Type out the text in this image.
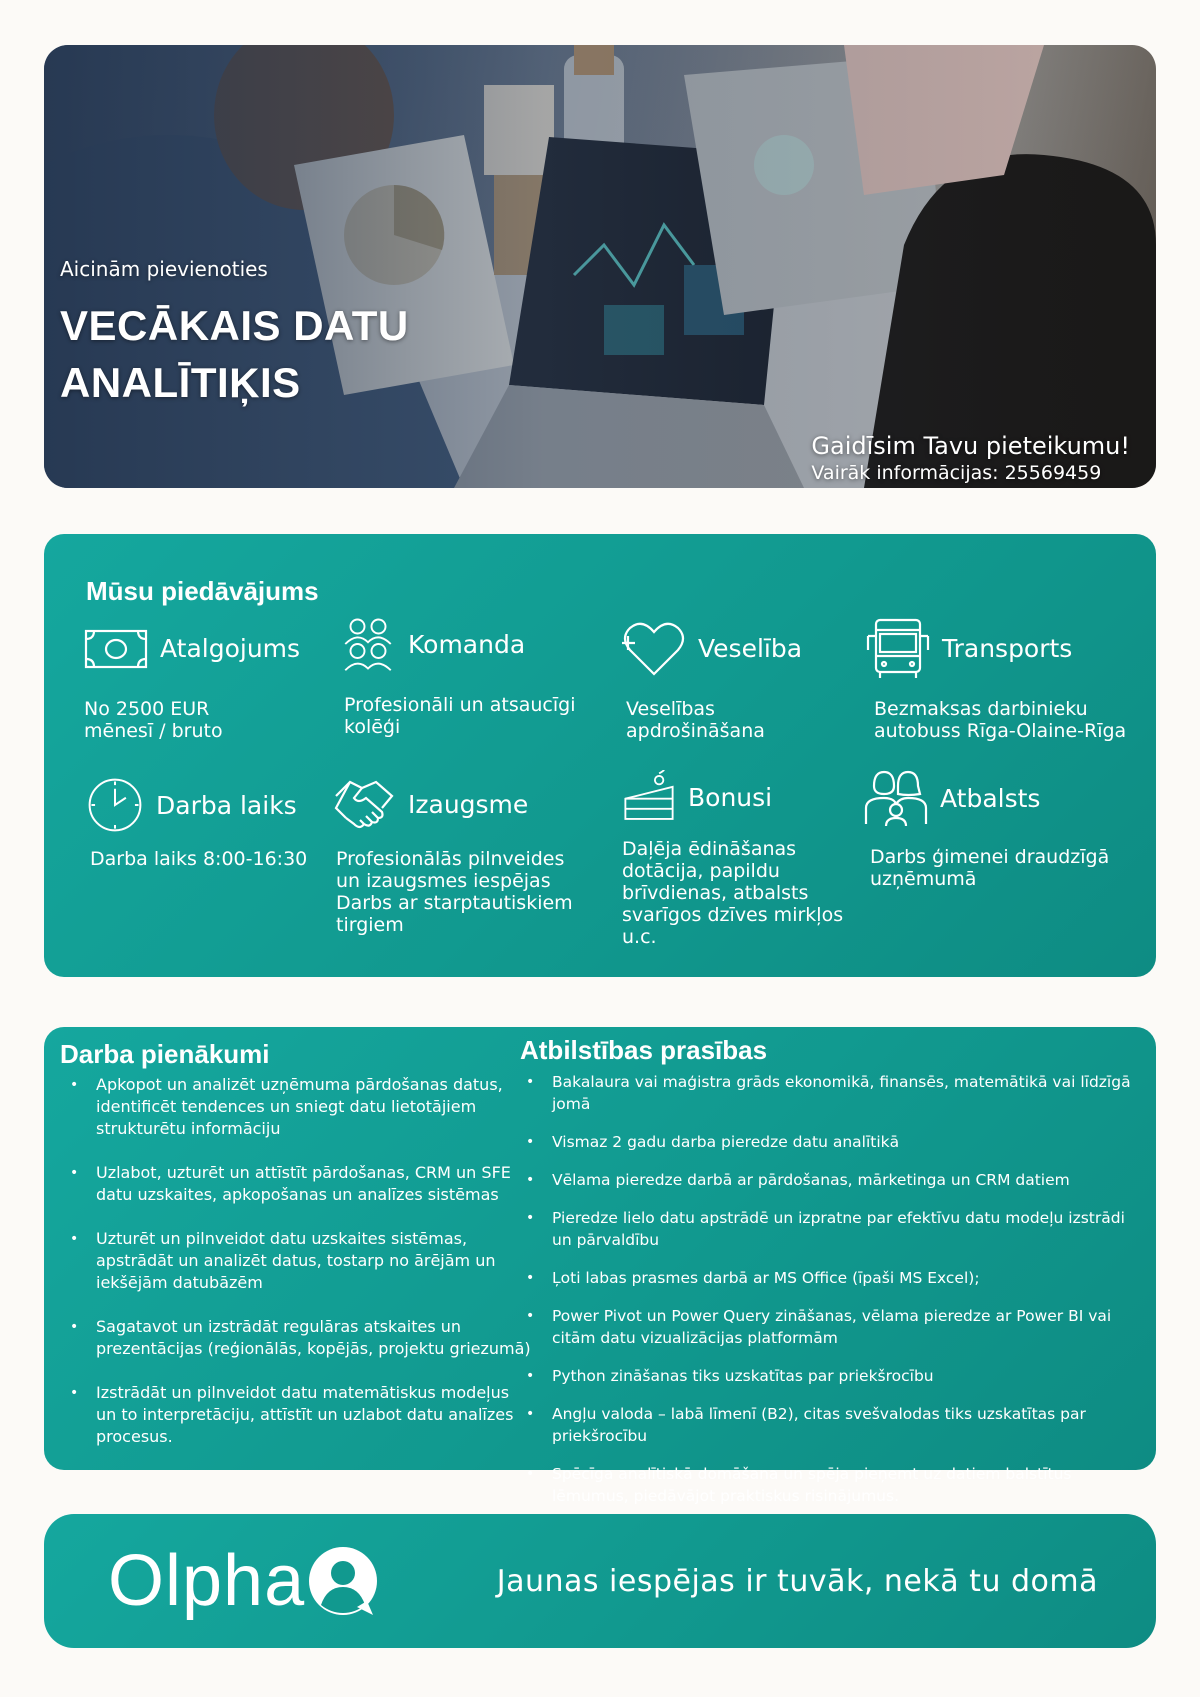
Aicinām pievienoties
VECĀKAIS DATU
ANALĪTIĶIS
Gaidīsim Tavu pieteikumu!
Vairāk informācijas: 25569459
Mūsu piedāvājums
Atalgojums
No 2500 EUR
mēnesī / bruto
Komanda
Profesionāli un atsaucīgi
kolēģi
Veselība
Veselības
apdrošināšana
Transports
Bezmaksas darbinieku
autobuss Rīga-Olaine-Rīga
Darba laiks
Darba laiks 8:00-16:30
Izaugsme
Profesionālās pilnveides
un izaugsmes iespējas
Darbs ar starptautiskiem
tirgiem
Bonusi
Daļēja ēdināšanas
dotācija, papildu
brīvdienas, atbalsts
svarīgos dzīves mirkļos
u.c.
Atbalsts
Darbs ģimenei draudzīgā
uzņēmumā
Darba pienākumi
• Apkopot un analizēt uzņēmuma pārdošanas datus, identificēt tendences un sniegt datu lietotājiem strukturētu informāciju
• Uzlabot, uzturēt un attīstīt pārdošanas, CRM un SFE datu uzskaites, apkopošanas un analīzes sistēmas
• Uzturēt un pilnveidot datu uzskaites sistēmas, apstrādāt un analizēt datus, tostarp no ārējām un iekšējām datubāzēm
• Sagatavot un izstrādāt regulāras atskaites un prezentācijas (reģionālās, kopējās, projektu griezumā)
• Izstrādāt un pilnveidot datu matemātiskus modeļus un to interpretāciju, attīstīt un uzlabot datu analīzes procesus.
Atbilstības prasības
• Bakalaura vai maģistra grāds ekonomikā, finansēs, matemātikā vai līdzīgā jomā
• Vismaz 2 gadu darba pieredze datu analītikā
• Vēlama pieredze darbā ar pārdošanas, mārketinga un CRM datiem
• Pieredze lielo datu apstrādē un izpratne par efektīvu datu modeļu izstrādi un pārvaldību
• Ļoti labas prasmes darbā ar MS Office (īpaši MS Excel);
• Power Pivot un Power Query zināšanas, vēlama pieredze ar Power BI vai citām datu vizualizācijas platformām
• Python zināšanas tiks uzskatītas par priekšrocību
• Angļu valoda – labā līmenī (B2), citas svešvalodas tiks uzskatītas par priekšrocību
• Spēcīga analītiskā domāšana un spēja pieņemt uz datiem balstītus lēmumus, piedāvājot praktiskus risinājumus.
Olpha	Jaunas iespējas ir tuvāk, nekā tu domā
